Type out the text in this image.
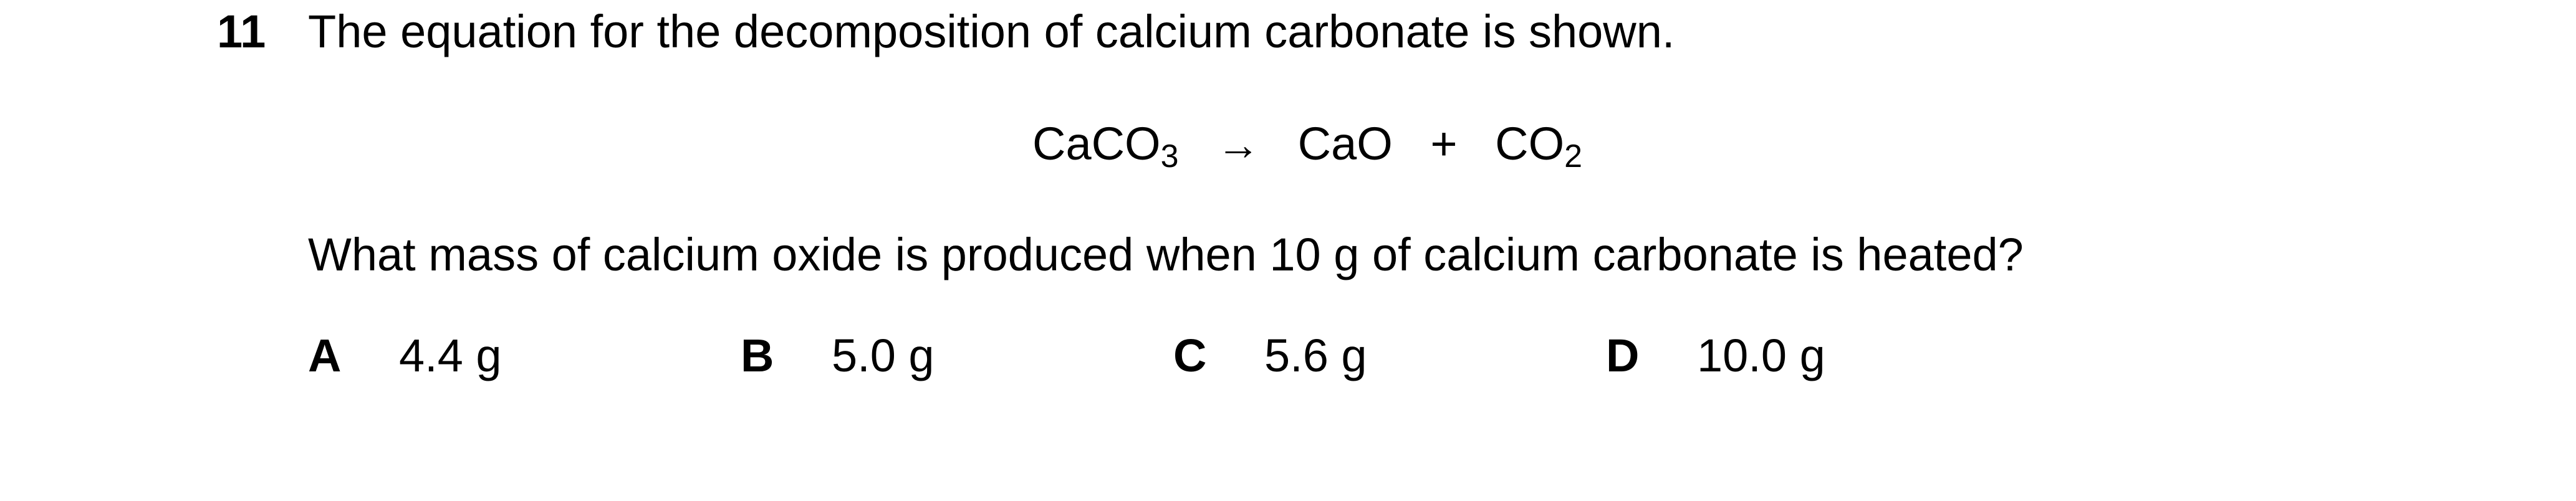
11 The equation for the decomposition of calcium carbonate is shown.
CaCO$_3$ → CaO + $CO_2$
What mass of calcium oxide is produced when 10 g of calcium carbonate is heated?
A 4.4 g	B 5.0 g	C 5.6 g	D 10.0 g
